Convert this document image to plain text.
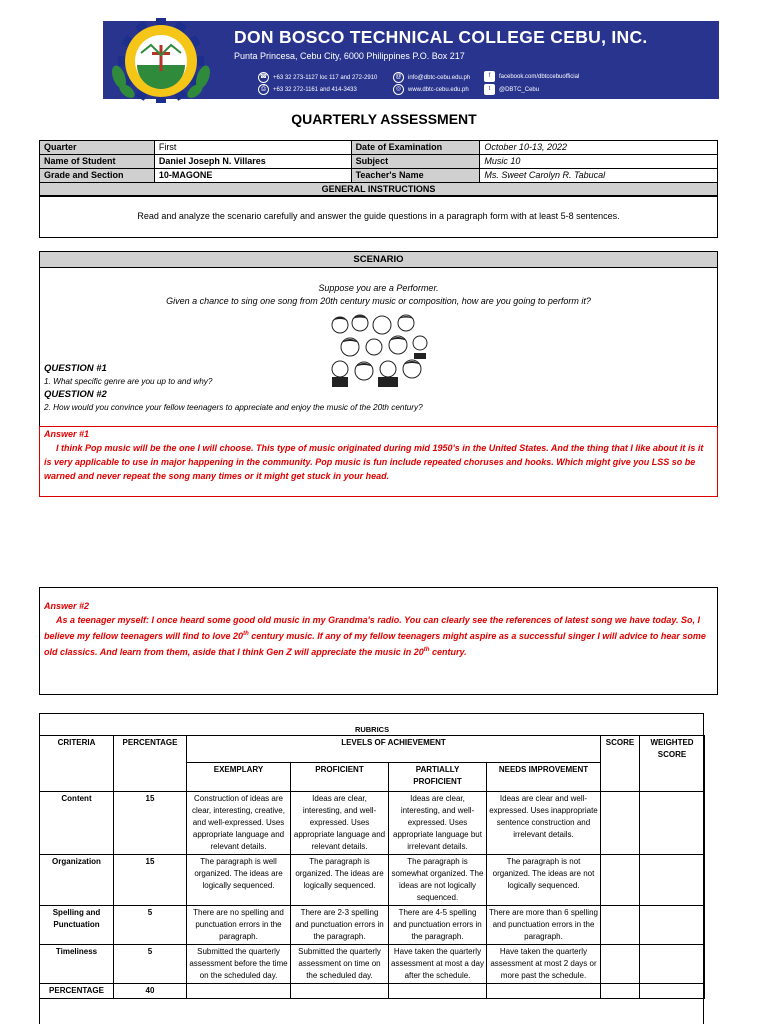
DON BOSCO TECHNICAL COLLEGE CEBU, INC.
Punta Princesa, Cebu City, 6000 Philippines P.O. Box 217
☎ +63 32 273-1127 loc 117 and 272-2910
⎙	+63 32 272-1161 and 414-3433
@	info@dbtc-cebu.edu.ph
◎	www.dbtc-cebu.edu.ph
f	facebook.com/dbtccebuofficial
t	@DBTC_Cebu
QUARTERLY ASSESSMENT
Quarter	First	Date of Examination	October 10-13, 2022
Name of Student	Daniel Joseph N. Villares	Subject	Music 10
Grade and Section	10-MAGONE	Teacher's Name	Ms. Sweet Carolyn R. Tabucal
GENERAL INSTRUCTIONS			
Read and analyze the scenario carefully and answer the guide questions in a paragraph form with at least 5-8 sentences.
SCENARIO
Suppose you are a Performer.
Given a chance to sing one song from 20th century music or composition, how are you going to perform it?
QUESTION #1
1. What specific genre are you up to and why?
QUESTION #2
2. How would you convince your fellow teenagers to appreciate and enjoy the music of the 20th century?
Answer #1
I think Pop music will be the one I will choose. This type of music originated during mid 1950's in the United States. And the thing that I like about it is it is very applicable to use in major happening in the community. Pop music is fun include repeated choruses and hooks. Which might give you LSS so be warned and never repeat the song many times or it might get stuck in your head.
Answer #2
As a teenager myself: I once heard some good old music in my Grandma's radio. You can clearly see the references of latest song we have today. So, I believe my fellow teenagers will find to love 20th century music. If any of my fellow teenagers might aspire as a successful singer I will advice to hear some old classics. And learn from them, aside that I think Gen Z will appreciate the music in 20th century.
RUBRICS							
CRITERIA	PERCENTAGE	LEVELS OF ACHIEVEMENT				SCORE	WEIGHTED SCORE
		EXEMPLARY	PROFICIENT	PARTIALLY PROFICIENT	NEEDS IMPROVEMENT		
Content	15	Construction of ideas are clear, interesting, creative, and well-expressed. Uses appropriate language and relevant details.	Ideas are clear, interesting, and well-expressed. Uses appropriate language and relevant details.	Ideas are clear, interesting, and well-expressed. Uses appropriate language but irrelevant details.	Ideas are clear and well-expressed. Uses inappropriate sentence construction and irrelevant details.		
Organization	15	The paragraph is well organized. The ideas are logically sequenced.	The paragraph is organized. The ideas are logically sequenced.	The paragraph is somewhat organized. The ideas are not logically sequenced.	The paragraph is not organized. The ideas are not logically sequenced.		
Spelling and Punctuation	5	There are no spelling and punctuation errors in the paragraph.	There are 2-3 spelling and punctuation errors in the paragraph.	There are 4-5 spelling and punctuation errors in the paragraph.	There are more than 6 spelling and punctuation errors in the paragraph.		
Timeliness	5	Submitted the quarterly assessment before the time on the scheduled day.	Submitted the quarterly assessment on time on the scheduled day.	Have taken the quarterly assessment at most a day after the schedule.	Have taken the quarterly assessment at most 2 days or more past the schedule.		
PERCENTAGE	40						
